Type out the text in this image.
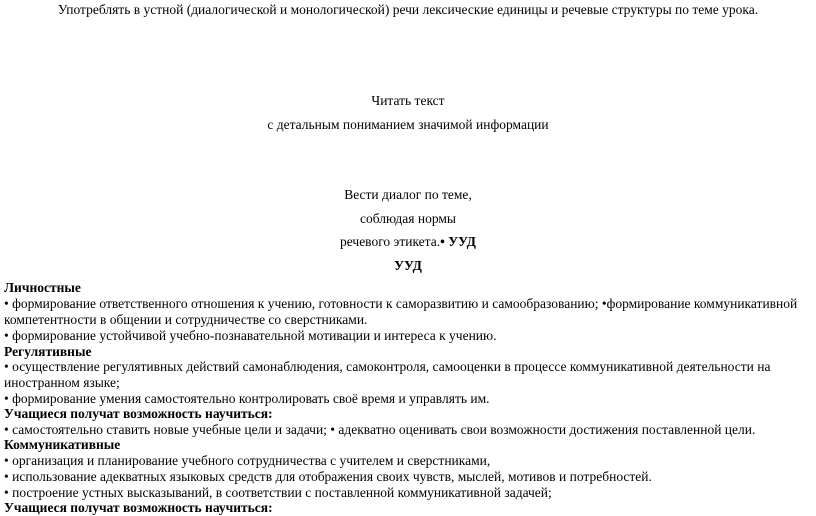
Употреблять в устной (диалогической и монологической) речи лексические единицы и речевые структуры по теме урока.
Читать текст
с детальным пониманием значимой информации
Вести диалог по теме,
соблюдая нормы
речевого этикета.• УУД
УУД
Личностные
• формирование ответственного отношения к учению, готовности к саморазвитию и самообразованию; •формирование коммуникативной
компетентности в общении и сотрудничестве со сверстниками.
• формирование устойчивой учебно-познавательной мотивации и интереса к учению.
Регулятивные
• осуществление регулятивных действий самонаблюдения, самоконтроля, самооценки в процессе коммуникативной деятельности на
иностранном языке;
• формирование умения самостоятельно контролировать своё время и управлять им.
Учащиеся получат возможность научиться:
• самостоятельно ставить новые учебные цели и задачи; • адекватно оценивать свои возможности достижения поставленной цели.
Коммуникативные
• организация и планирование учебного сотрудничества с учителем и сверстниками,
• использование адекватных языковых средств для отображения своих чувств, мыслей, мотивов и потребностей.
• построение устных высказываний, в соответствии с поставленной коммуникативной задачей;
Учащиеся получат возможность научиться:
